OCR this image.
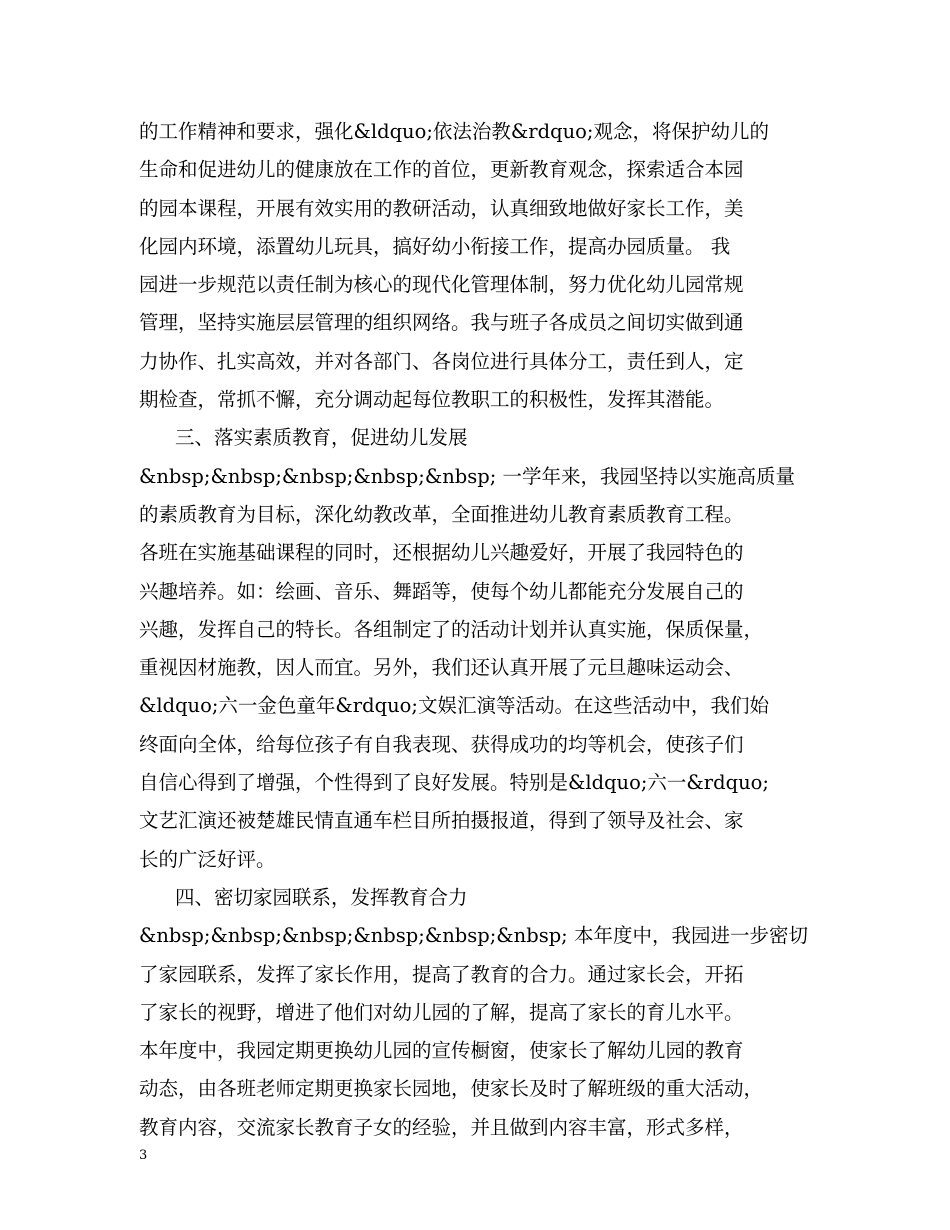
的工作精神和要求，强化&ldquo;依法治教&rdquo;观念，将保护幼儿的
生命和促进幼儿的健康放在工作的首位，更新教育观念，探索适合本园
的园本课程，开展有效实用的教研活动，认真细致地做好家长工作，美
化园内环境，添置幼儿玩具，搞好幼小衔接工作，提高办园质量。 我
园进一步规范以责任制为核心的现代化管理体制，努力优化幼儿园常规
管理，坚持实施层层管理的组织网络。我与班子各成员之间切实做到通
力协作、扎实高效，并对各部门、各岗位进行具体分工，责任到人，定
期检查，常抓不懈，充分调动起每位教职工的积极性，发挥其潜能。
三、落实素质教育，促进幼儿发展
&nbsp;&nbsp;&nbsp;&nbsp;&nbsp; 一学年来，我园坚持以实施高质量
的素质教育为目标，深化幼教改革，全面推进幼儿教育素质教育工程。
各班在实施基础课程的同时，还根据幼儿兴趣爱好，开展了我园特色的
兴趣培养。如：绘画、音乐、舞蹈等，使每个幼儿都能充分发展自己的
兴趣，发挥自己的特长。各组制定了的活动计划并认真实施，保质保量，
重视因材施教，因人而宜。另外，我们还认真开展了元旦趣味运动会、
&ldquo;六一金色童年&rdquo;文娱汇演等活动。在这些活动中，我们始
终面向全体，给每位孩子有自我表现、获得成功的均等机会，使孩子们
自信心得到了增强，个性得到了良好发展。特别是&ldquo;六一&rdquo;
文艺汇演还被楚雄民情直通车栏目所拍摄报道，得到了领导及社会、家
长的广泛好评。
四、密切家园联系，发挥教育合力
&nbsp;&nbsp;&nbsp;&nbsp;&nbsp;&nbsp; 本年度中，我园进一步密切
了家园联系，发挥了家长作用，提高了教育的合力。通过家长会，开拓
了家长的视野，增进了他们对幼儿园的了解，提高了家长的育儿水平。
本年度中，我园定期更换幼儿园的宣传橱窗，使家长了解幼儿园的教育
动态，由各班老师定期更换家长园地，使家长及时了解班级的重大活动，
教育内容，交流家长教育子女的经验，并且做到内容丰富，形式多样，
3
